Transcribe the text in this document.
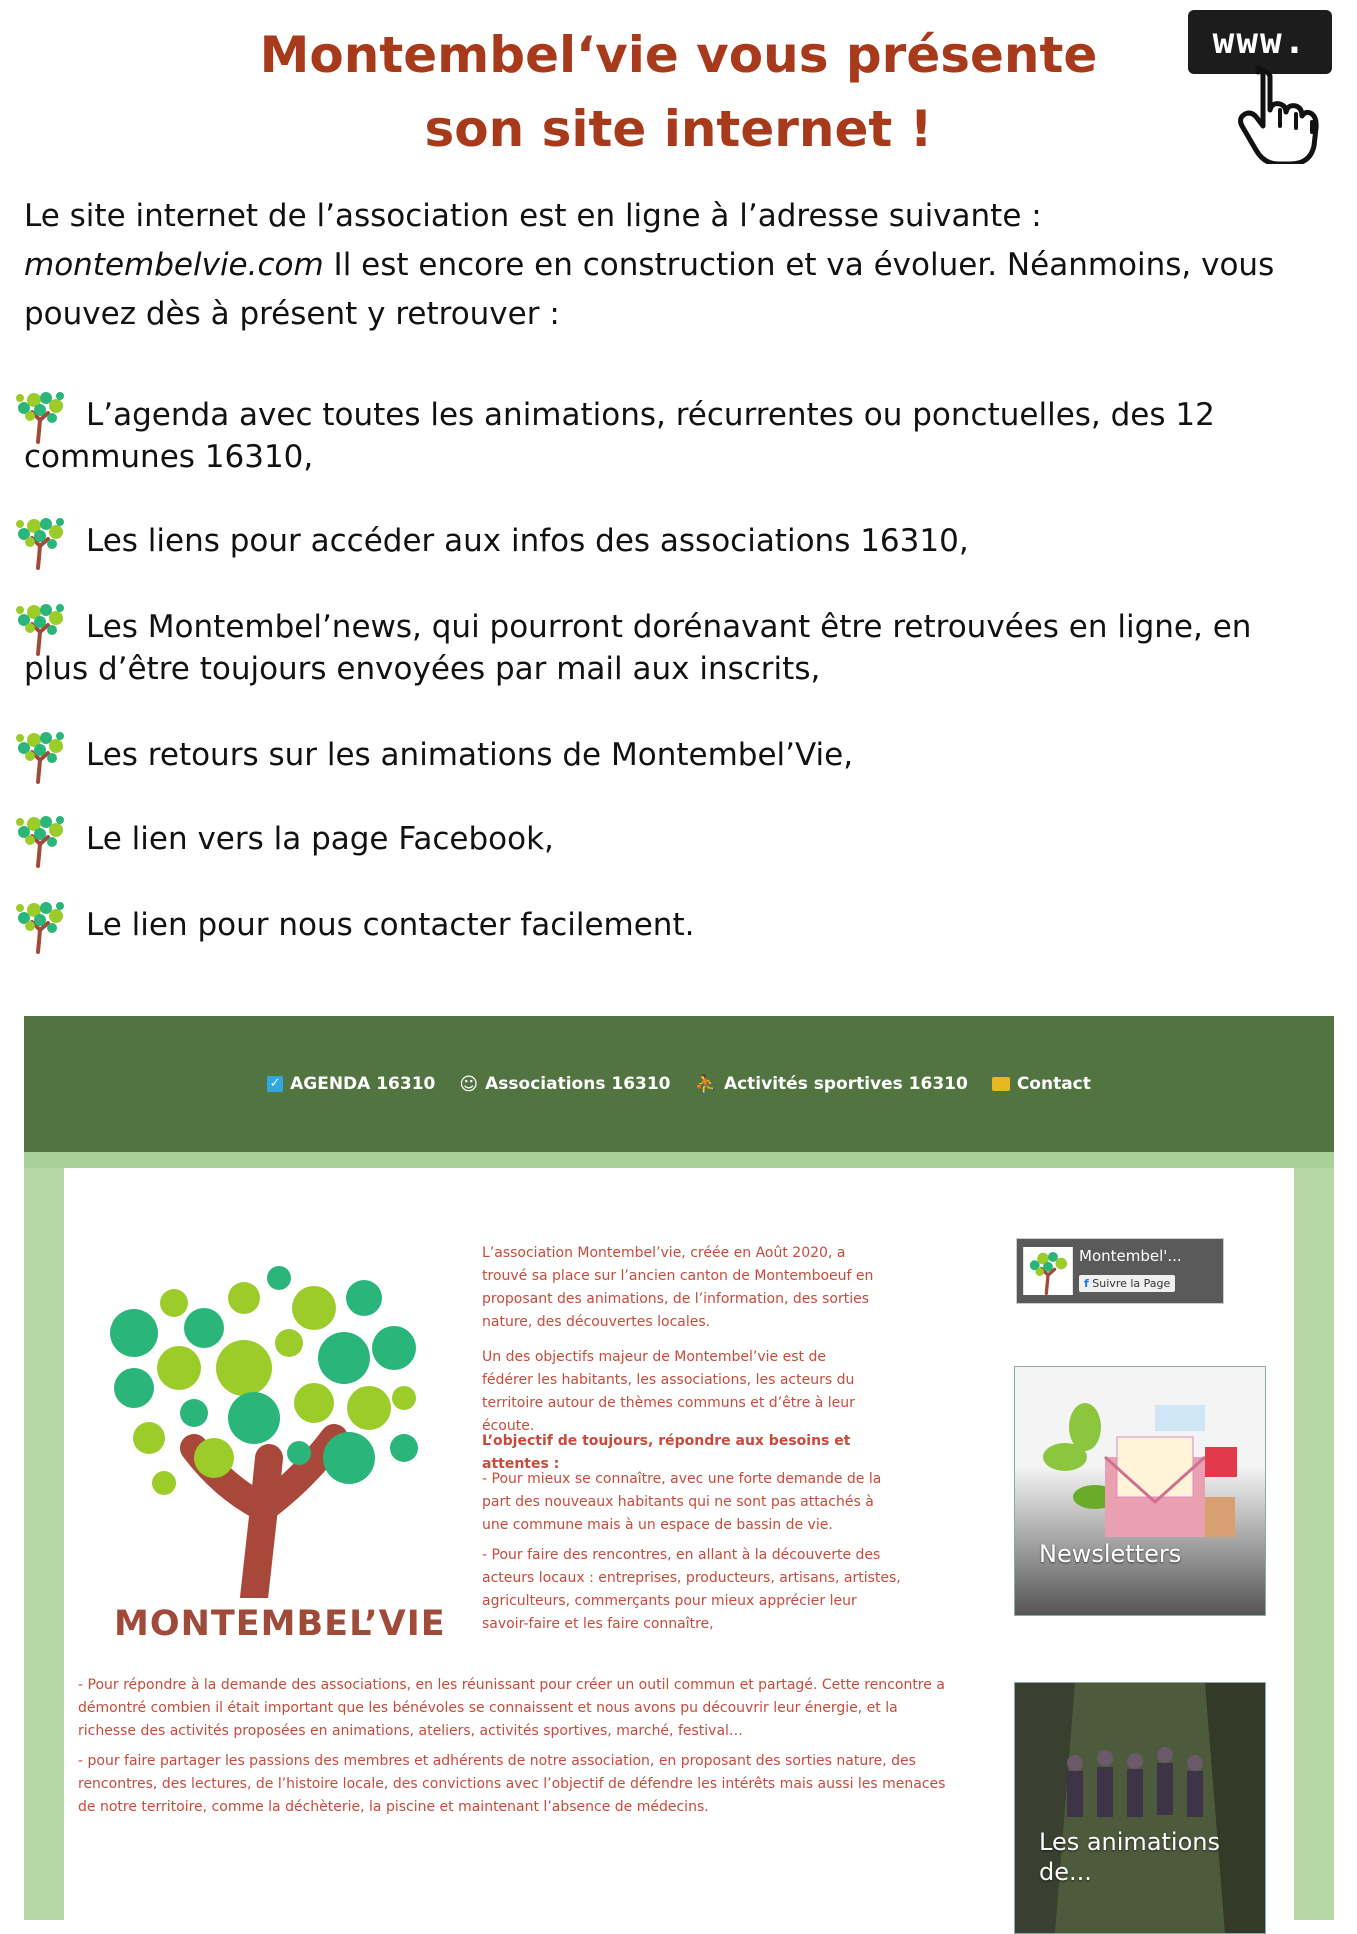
Montembel‘vie vous présente
son site internet !
www.

Le site internet de l’association est en ligne à l’adresse suivante : montembelvie.com Il est encore en construction et va évoluer. Néanmoins, vous pouvez dès à présent y retrouver :

L’agenda avec toutes les animations, récurrentes ou ponctuelles, des 12 communes 16310,
Les liens pour accéder aux infos des associations 16310,
Les Montembel’news, qui pourront dorénavant être retrouvées en ligne, en plus d’être toujours envoyées par mail aux inscrits,
Les retours sur les animations de Montembel’Vie,
Le lien vers la page Facebook,
Le lien pour nous contacter facilement.
✓ AGENDA 16310 ☺ Associations 16310 ⛹ Activités sportives 16310	Contact
MONTEMBEL’VIE

L’association Montembel’vie, créée en Août 2020, a trouvé sa place sur l’ancien canton de Montemboeuf en proposant des animations, de l’information, des sorties nature, des découvertes locales.

Un des objectifs majeur de Montembel’vie est de fédérer les habitants, les associations, les acteurs du territoire autour de thèmes communs et d’être à leur écoute.

L’objectif de toujours, répondre aux besoins et attentes :

- Pour mieux se connaître, avec une forte demande de la part des nouveaux habitants qui ne sont pas attachés à une commune mais à un espace de bassin de vie.

- Pour faire des rencontres, en allant à la découverte des acteurs locaux : entreprises, producteurs, artisans, artistes, agriculteurs, commerçants pour mieux apprécier leur savoir-faire et les faire connaître,

- Pour répondre à la demande des associations, en les réunissant pour créer un outil commun et partagé. Cette rencontre a démontré combien il était important que les bénévoles se connaissent et nous avons pu découvrir leur énergie, et la richesse des activités proposées en animations, ateliers, activités sportives, marché, festival…

- pour faire partager les passions des membres et adhérents de notre association, en proposant des sorties nature, des rencontres, des lectures, de l’histoire locale, des convictions avec l’objectif de défendre les intérêts mais aussi les menaces de notre territoire, comme la déchèterie, la piscine et maintenant l’absence de médecins.

Montembel'...
f Suivre la Page
Newsletters
Les animations de...
